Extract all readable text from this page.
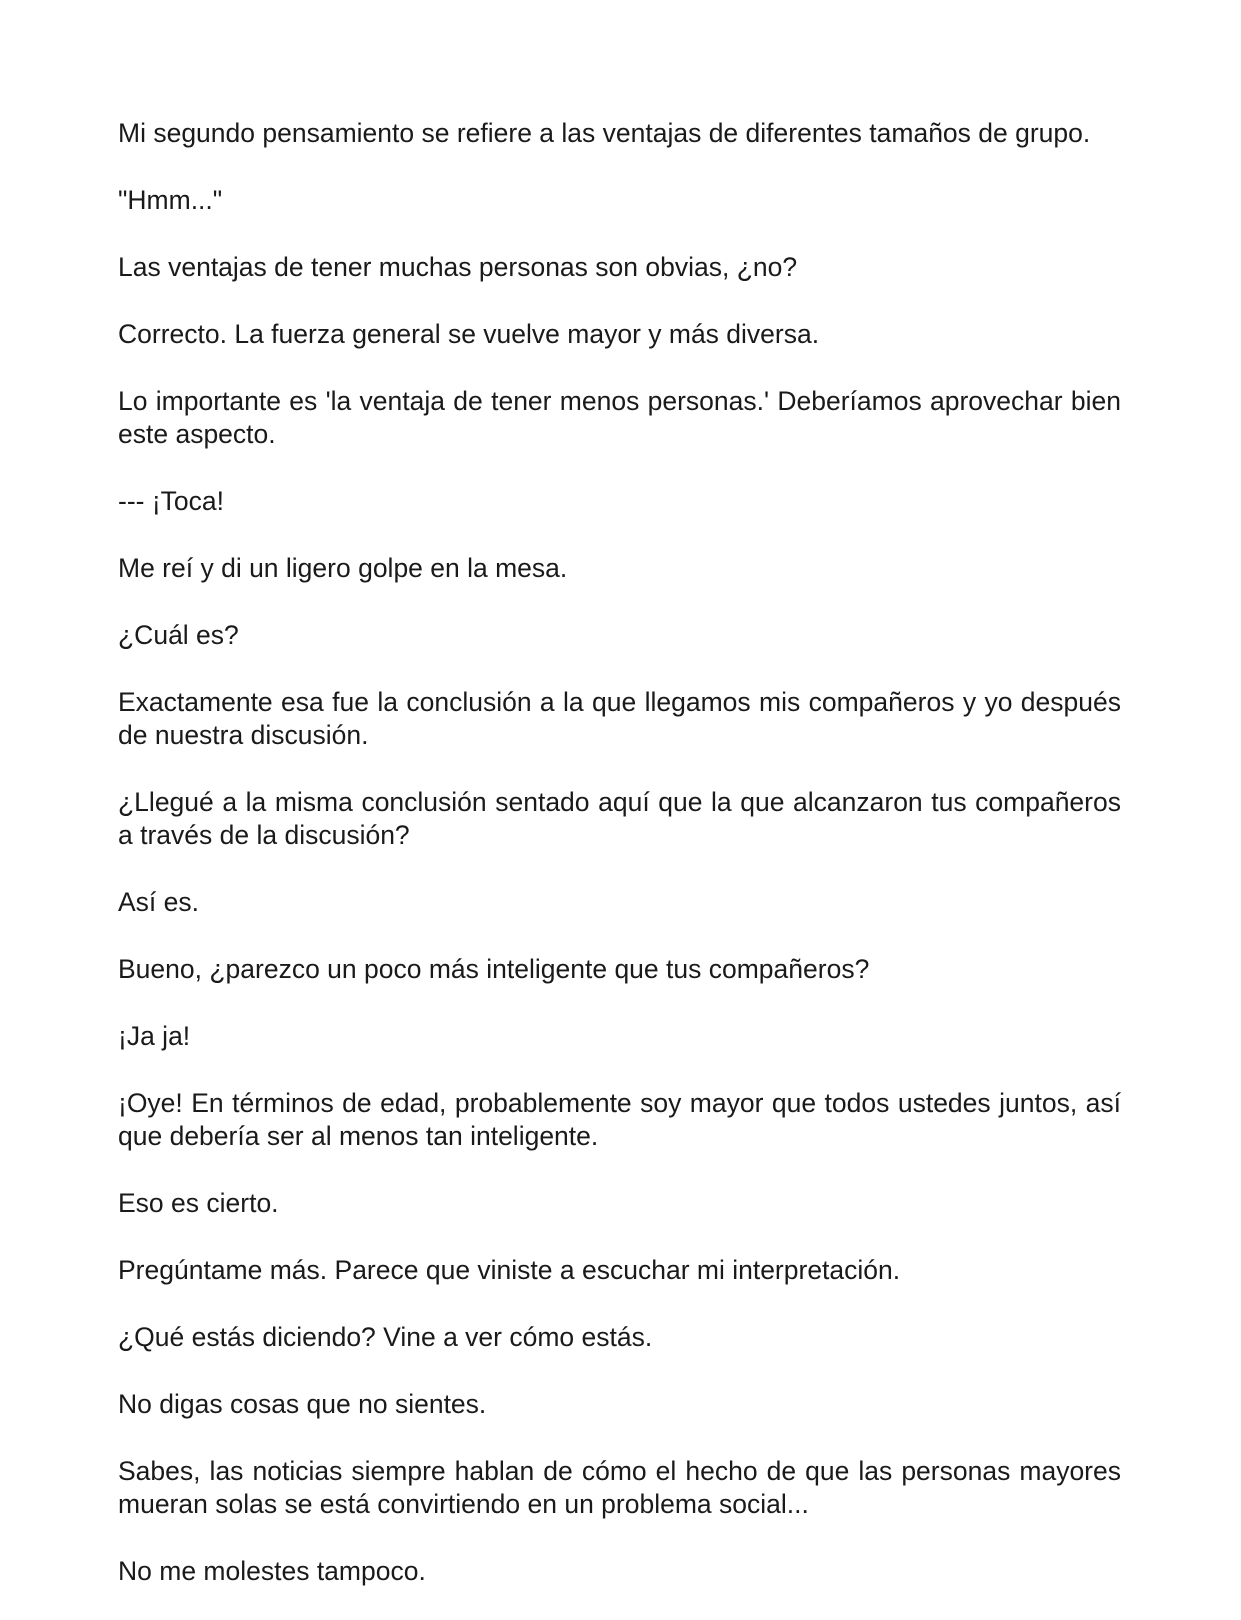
Mi segundo pensamiento se refiere a las ventajas de diferentes tamaños de grupo.

"Hmm..."

Las ventajas de tener muchas personas son obvias, ¿no?

Correcto. La fuerza general se vuelve mayor y más diversa.

Lo importante es 'la ventaja de tener menos personas.' Deberíamos aprovechar bien este aspecto.

--- ¡Toca!

Me reí y di un ligero golpe en la mesa.

¿Cuál es?

Exactamente esa fue la conclusión a la que llegamos mis compañeros y yo después de nuestra discusión.

¿Llegué a la misma conclusión sentado aquí que la que alcanzaron tus compañeros a través de la discusión?

Así es.

Bueno, ¿parezco un poco más inteligente que tus compañeros?

¡Ja ja!

¡Oye! En términos de edad, probablemente soy mayor que todos ustedes juntos, así que debería ser al menos tan inteligente.

Eso es cierto.

Pregúntame más. Parece que viniste a escuchar mi interpretación.

¿Qué estás diciendo? Vine a ver cómo estás.

No digas cosas que no sientes.

Sabes, las noticias siempre hablan de cómo el hecho de que las personas mayores mueran solas se está convirtiendo en un problema social...

No me molestes tampoco.
